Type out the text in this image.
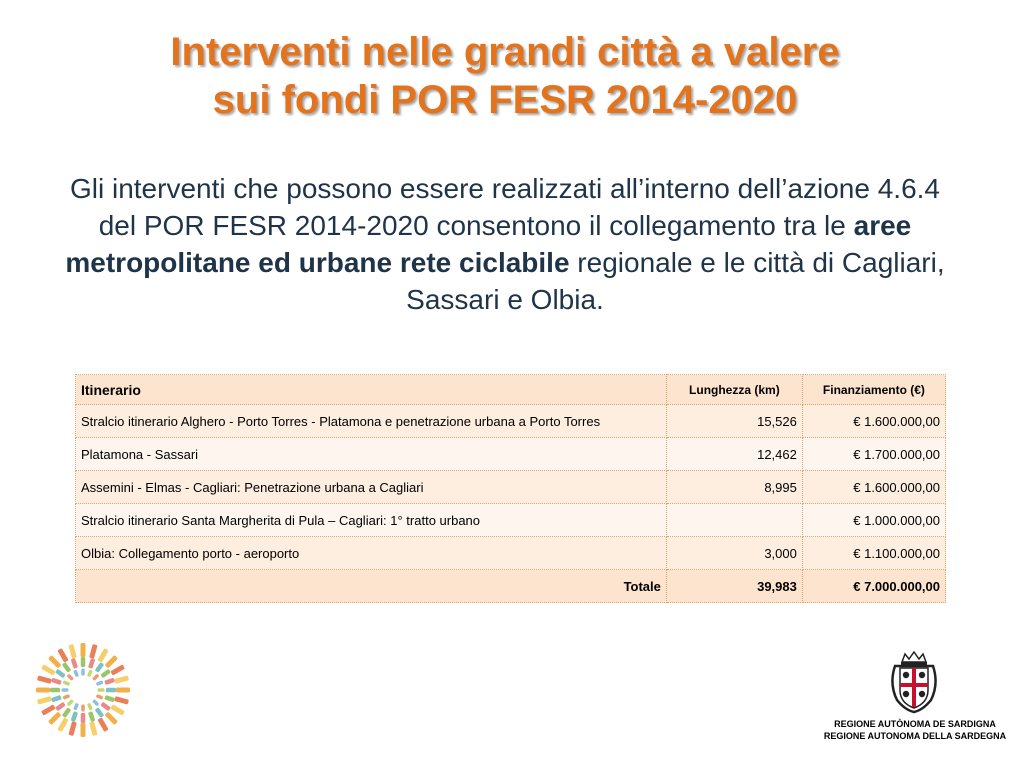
Interventi nelle grandi città a valere
sui fondi POR FESR 2014-2020
Gli interventi che possono essere realizzati all’interno dell’azione 4.6.4 del POR FESR 2014-2020 consentono il collegamento tra le aree metropolitane ed urbane rete ciclabile regionale e le città di Cagliari, Sassari e Olbia.
Itinerario	Lunghezza (km)	Finanziamento (€)
Stralcio itinerario Alghero - Porto Torres - Platamona e penetrazione urbana a Porto Torres	15,526	€ 1.600.000,00
Platamona - Sassari	12,462	€ 1.700.000,00
Assemini - Elmas - Cagliari: Penetrazione urbana a Cagliari	8,995	€ 1.600.000,00
Stralcio itinerario Santa Margherita di Pula – Cagliari: 1° tratto urbano		€ 1.000.000,00
Olbia: Collegamento porto - aeroporto	3,000	€ 1.100.000,00
Totale	39,983	€ 7.000.000,00
REGIONE AUTÒNOMA DE SARDIGNA
REGIONE AUTONOMA DELLA SARDEGNA
